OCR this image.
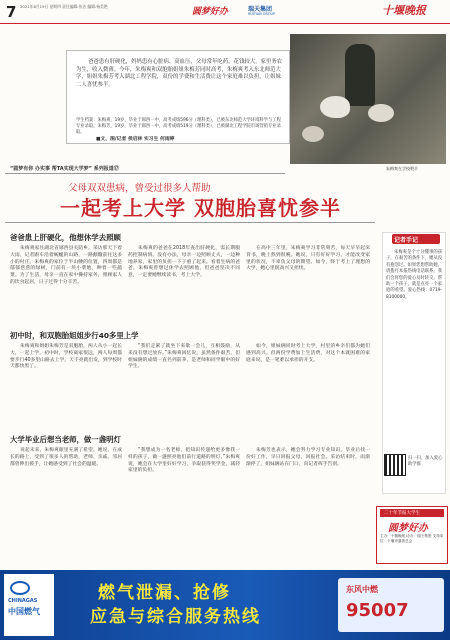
7 2021年8月19日 星期四 责任编辑:张洁 编辑:杨美艳
圆梦好办	瑞天集团
RUITIAN GROUP	十堰晚报
爸爸患有肝硬化，妈妈患有心脏病、高血压，父母常年吃药，花钱较大，家里务农为生，收入微薄。今年，朱梅爽和双胞胎姐姐朱梅芳同时高考，朱梅爽考入东北师范大学，姐姐朱梅芳考入湖北工程学院，双份的学费和生活费让这个家庭难以负担，让姐妹二人喜忧参半。
学生档案：朱梅爽，19岁，毕业于郧西一中，高考成绩596分（理科类），已被东北师范大学环境科学与工程专业录取。朱梅芳，19岁，毕业于郧西一中，高考成绩519分（理科类），已被湖北工程学院市场营销专业录取。
■文、图/记者 侯启林 实习生 何雨婷
朱梅爽在学校喂羊
“圆梦有你 办实事 帮TA实现大学梦” 系列报道⑰
父母双双患病，曾受过很多人帮助
一起考上大学 双胞胎喜忧参半
爸爸患上肝硬化，他想休学去照顾
朱梅爽家住湖北省郧西县关防乡。采访那天下着大雨，记者跟车沿着蜿蜒的山路，一路颠簸前往这多小的村庄。朱梅爽的家位于半山腰的位置，四周都是郁郁葱葱的绿树，门前有一块小菜地，种着一些蔬菜。为了生活，母亲一直在家中操持家务，照顾家人的饮食起居，日子过得十分辛苦。
朱梅爽的爸爸在2018年查出肝硬化，需长期服药控制病情。没有办法，母亲一边照顾丈夫，一边种地养家，家里的负担一下子重了起来。看着生病的爸爸，朱梅爽曾想过休学去照顾他，但爸爸坚决不同意，一定要她继续读书，考上大学。
在高中三年里，朱梅爽学习非常刻苦，每天早早起床背书，晚上熬到很晚。她说，只有好好学习，才能改变家里的状况，不辜负父母的期望。如今，终于考上了理想的大学，她心里既高兴又担忧。
初中时，和双胞胎姐姐步行40多里上学
朱梅爽和姐姐朱梅芳是双胞胎，两人从小一起长大，一起上学。初中时，学校离家很远，两人每周都要步行40多里山路去上学，天不亮就出发，到学校时天都快黑了。
“我们走累了就坐下来歇一会儿，互相鼓励，从来没有想过放弃。”朱梅爽回忆说。虽然条件艰苦，但姐妹俩的成绩一直名列前茅，是老师和同学眼中的好学生。
如今，姐妹俩同时考上大学，村里的乡亲们都为她们感到高兴。但两份学费加上生活费，对这个本就困难的家庭来说，是一笔难以承担的开支。
大学毕业后想当老师，做一盏明灯
说起未来，朱梅爽眼里充满了希望。她说，在成长的路上，受到了很多人的帮助，老师、亲戚、邻居都曾伸出援手，让她感受到了社会的温暖。
“我想成为一名老师，把知识传递给更多像我一样的孩子，做一盏照亮他们前行道路的明灯。”朱梅爽说，她会在大学里好好学习，争取获得奖学金，减轻家里的负担。
朱梅芳也表示，她会努力学习专业知识，毕业后找一份好工作，早日回报父母，回报社会。采访结束时，雨渐渐停了，姐妹俩站在门口，向记者挥手告别。
记者手记
朱梅爽是个十分懂事的孩子，在艰苦的条件下，她从没有抱怨过。如果您想帮助她，请拨打本报热线电话联系，我们会将您的爱心及时转交。帮助一个孩子，就是点亮一个家庭的希望。爱心热线：0719-8100000。
扫一扫，加入爱心助学群
二十年节报大学生
圆梦好办
主办：十堰晚报 协办：瑞天集团 支持单位：十堰市慈善总会
CHINAGAS
中国燃气
燃气泄漏、抢修
应急与综合服务热线
东风中燃
95007
